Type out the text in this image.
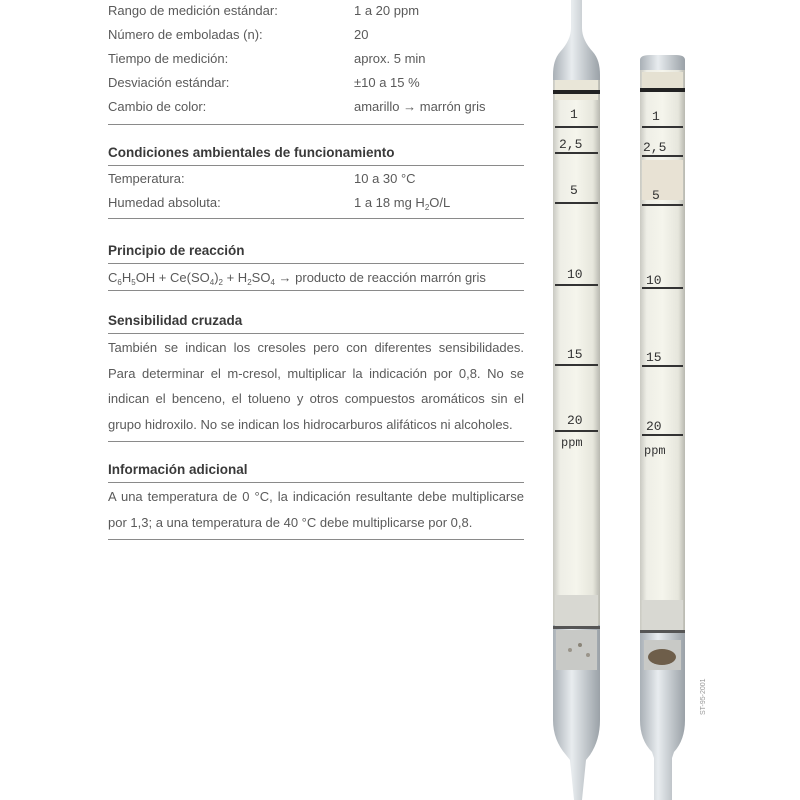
Rango de medición estándar:	1 a 20 ppm
Número de emboladas (n):	20
Tiempo de medición:	aprox. 5 min
Desviación estándar:	±10 a 15 %
Cambio de color:	amarillo → marrón gris
Condiciones ambientales de funcionamiento
Temperatura:	10 a 30 °C
Humedad absoluta:	1 a 18 mg $H_2O/L$
Principio de reacción
$C_6H_5OH + Ce(SO_4)_2 + H_2SO_4$ → producto de reacción marrón gris
Sensibilidad cruzada
También se indican los cresoles pero con diferentes sensibilidades. Para determinar el m-cresol, multiplicar la indicación por 0,8. No se indican el benceno, el tolueno y otros compuestos aromáticos sin el grupo hidroxilo. No se indican los hidrocarburos alifáticos ni alcoholes.
Información adicional
A una temperatura de 0 °C, la indicación resultante debe multiplicarse por 1,3; a una temperatura de 40 °C debe multiplicarse por 0,8.
1
2,5
5
10
15
20
ppm
1
2,5
5
10
15
20
ppm
ST-95-2001
